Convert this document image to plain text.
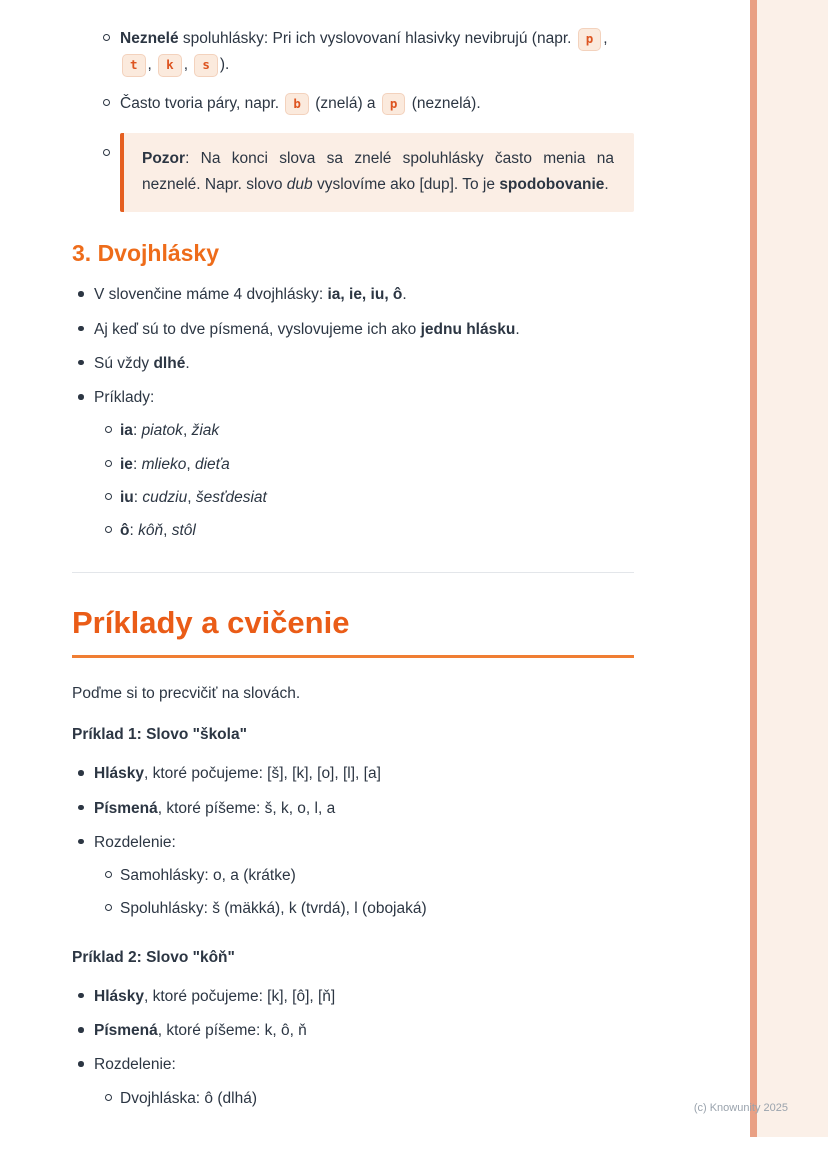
Neznelé spoluhlásky: Pri ich vyslovovaní hlasivky nevibrujú (napr. p , t , k , s ).
Často tvoria páry, napr. b (znelá) a p (neznelá).

Pozor: Na konci slova sa znelé spoluhlásky často menia na neznelé. Napr. slovo dub vyslovíme ako [dup]. To je spodobovanie.

3. Dvojhlásky
V slovenčine máme 4 dvojhlásky: ia, ie, iu, ô.
Aj keď sú to dve písmená, vyslovujeme ich ako jednu hlásku.
Sú vždy dlhé.
Príklady:
ia: piatok, žiak
ie: mlieko, dieťa
iu: cudziu, šesťdesiat
ô: kôň, stôl
Príklady a cvičenie

Poďme si to precvičiť na slovách.

Príklad 1: Slovo "škola"

Hlásky, ktoré počujeme: [š], [k], [o], [l], [a]
Písmená, ktoré píšeme: š, k, o, l, a
Rozdelenie:
Samohlásky: o, a (krátke)
Spoluhlásky: š (mäkká), k (tvrdá), l (obojaká)

Príklad 2: Slovo "kôň"

Hlásky, ktoré počujeme: [k], [ô], [ň]
Písmená, ktoré píšeme: k, ô, ň
Rozdelenie:
Dvojhláska: ô (dlhá)
(c) Knowunity 2025
